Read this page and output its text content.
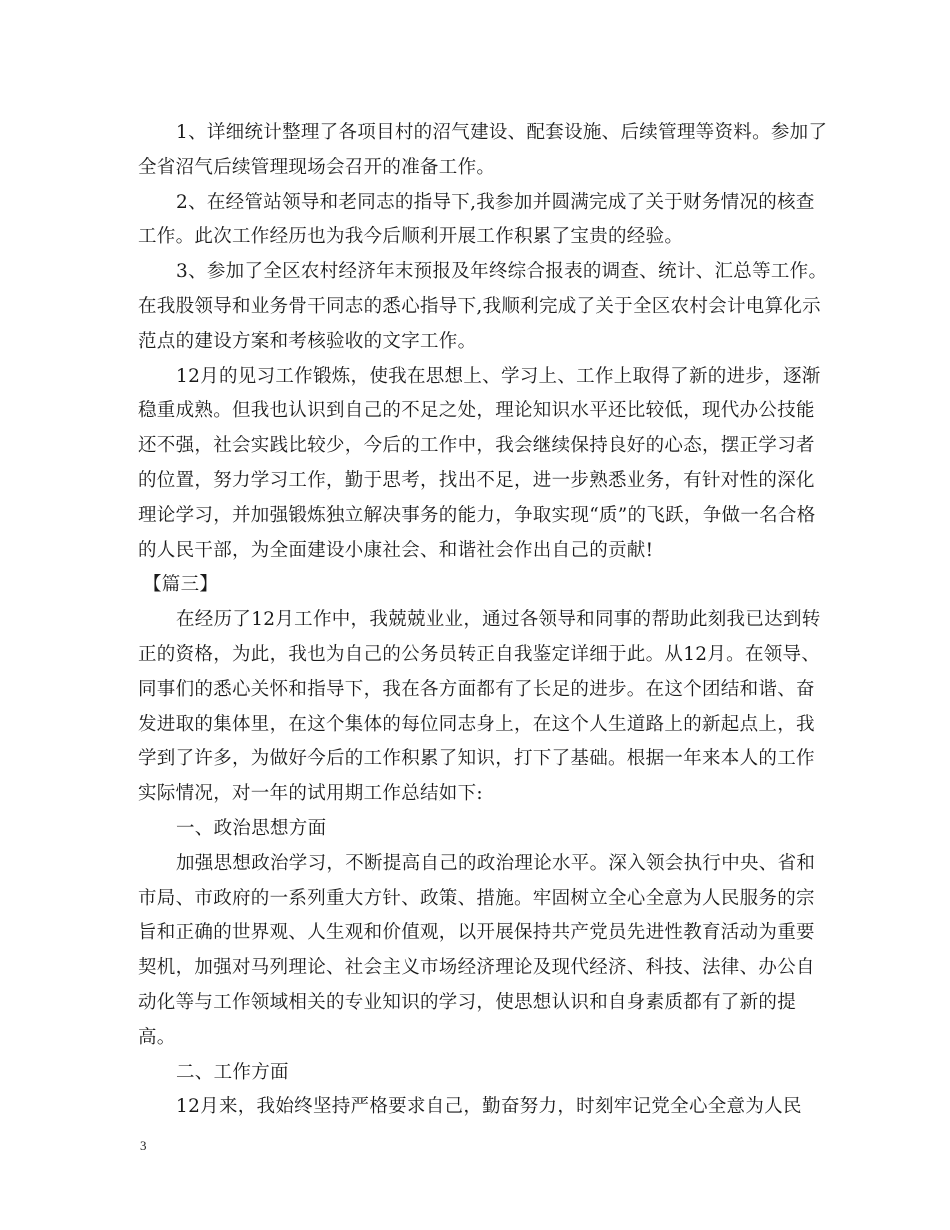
1、详细统计整理了各项目村的沼气建设、配套设施、后续管理等资料。参加了全省沼气后续管理现场会召开的准备工作。

2、在经管站领导和老同志的指导下,我参加并圆满完成了关于财务情况的核查工作。此次工作经历也为我今后顺利开展工作积累了宝贵的经验。

3、参加了全区农村经济年末预报及年终综合报表的调查、统计、汇总等工作。在我股领导和业务骨干同志的悉心指导下,我顺利完成了关于全区农村会计电算化示范点的建设方案和考核验收的文字工作。

12月的见习工作锻炼，使我在思想上、学习上、工作上取得了新的进步，逐渐稳重成熟。但我也认识到自己的不足之处，理论知识水平还比较低，现代办公技能还不强，社会实践比较少，今后的工作中，我会继续保持良好的心态，摆正学习者的位置，努力学习工作，勤于思考，找出不足，进一步熟悉业务，有针对性的深化理论学习，并加强锻炼独立解决事务的能力，争取实现“质”的飞跃，争做一名合格的人民干部，为全面建设小康社会、和谐社会作出自己的贡献!

【篇三】

在经历了12月工作中，我兢兢业业，通过各领导和同事的帮助此刻我已达到转正的资格，为此，我也为自己的公务员转正自我鉴定详细于此。从12月。在领导、同事们的悉心关怀和指导下，我在各方面都有了长足的进步。在这个团结和谐、奋发进取的集体里，在这个集体的每位同志身上，在这个人生道路上的新起点上，我学到了许多，为做好今后的工作积累了知识，打下了基础。根据一年来本人的工作实际情况，对一年的试用期工作总结如下:

一、政治思想方面

加强思想政治学习，不断提高自己的政治理论水平。深入领会执行中央、省和市局、市政府的一系列重大方针、政策、措施。牢固树立全心全意为人民服务的宗旨和正确的世界观、人生观和价值观，以开展保持共产党员先进性教育活动为重要契机，加强对马列理论、社会主义市场经济理论及现代经济、科技、法律、办公自动化等与工作领域相关的专业知识的学习，使思想认识和自身素质都有了新的提高。

二、工作方面

12月来，我始终坚持严格要求自己，勤奋努力，时刻牢记党全心全意为人民

3
